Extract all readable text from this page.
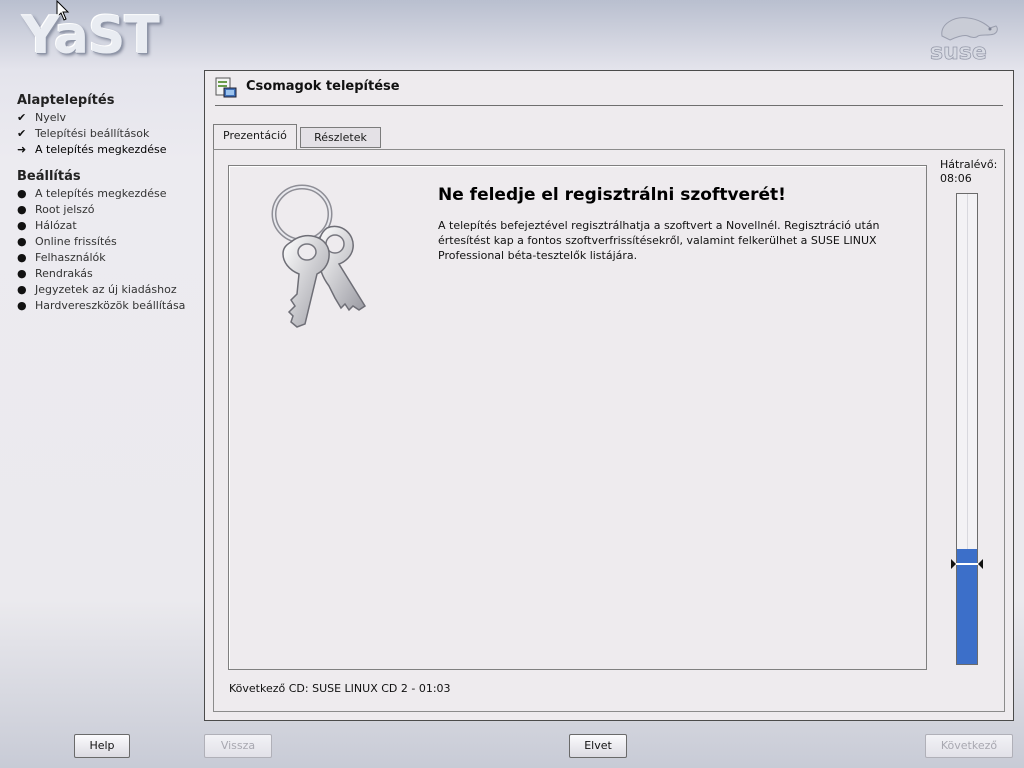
YaST	suse
Alaptelepítés
✔ Nyelv
✔ Telepítési beállítások
➜ A telepítés megkezdése
Beállítás
● A telepítés megkezdése
● Root jelszó
● Hálózat
● Online frissítés
● Felhasználók
● Rendrakás
● Jegyzetek az új kiadáshoz
● Hardvereszközök beállítása
Csomagok telepítése
Prezentáció	Részletek
Ne feledje el regisztrálni szoftverét!
A telepítés befejeztével regisztrálhatja a szoftvert a Novellnél. Regisztráció után értesítést kap a fontos szoftverfrissítésekről, valamint felkerülhet a SUSE LINUX Professional béta-tesztelők listájára.
Következő CD: SUSE LINUX CD 2 - 01:03
Hátralévő:
08:06
Help	Vissza	Elvet	Következő
